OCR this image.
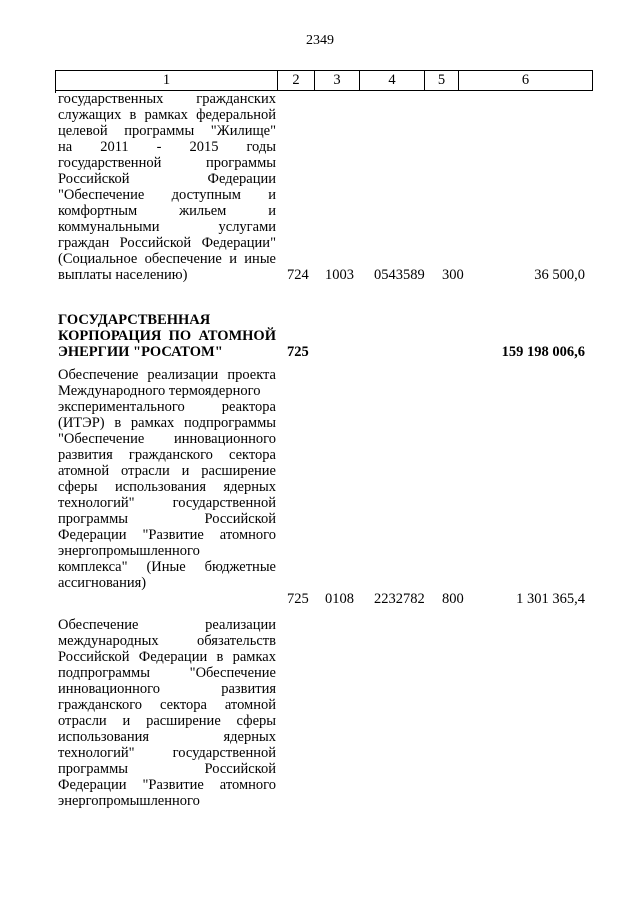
2349
1	2	3	4	5	6
государственных гражданских
служащих в рамках федеральной
целевой программы "Жилище"
на 2011 - 2015 годы
государственной программы
Российской Федерации
"Обеспечение доступным и
комфортным жильем и
коммунальными услугами
граждан Российской Федерации"
(Социальное обеспечение и иные
выплаты населению)	724 1003 0543589 300	36 500,0
ГОСУДАРСТВЕННАЯ
КОРПОРАЦИЯ ПО АТОМНОЙ
ЭНЕРГИИ "РОСАТОМ"	725	159 198 006,6
Обеспечение реализации проекта
Международного термоядерного
экспериментального реактора
(ИТЭР) в рамках подпрограммы
"Обеспечение инновационного
развития гражданского сектора
атомной отрасли и расширение
сферы использования ядерных
технологий" государственной
программы Российской
Федерации "Развитие атомного
энергопромышленного
комплекса" (Иные бюджетные
ассигнования)
725 0108 2232782 800	1 301 365,4
Обеспечение реализации
международных обязательств
Российской Федерации в рамках
подпрограммы "Обеспечение
инновационного развития
гражданского сектора атомной
отрасли и расширение сферы
использования ядерных
технологий" государственной
программы Российской
Федерации "Развитие атомного
энергопромышленного
